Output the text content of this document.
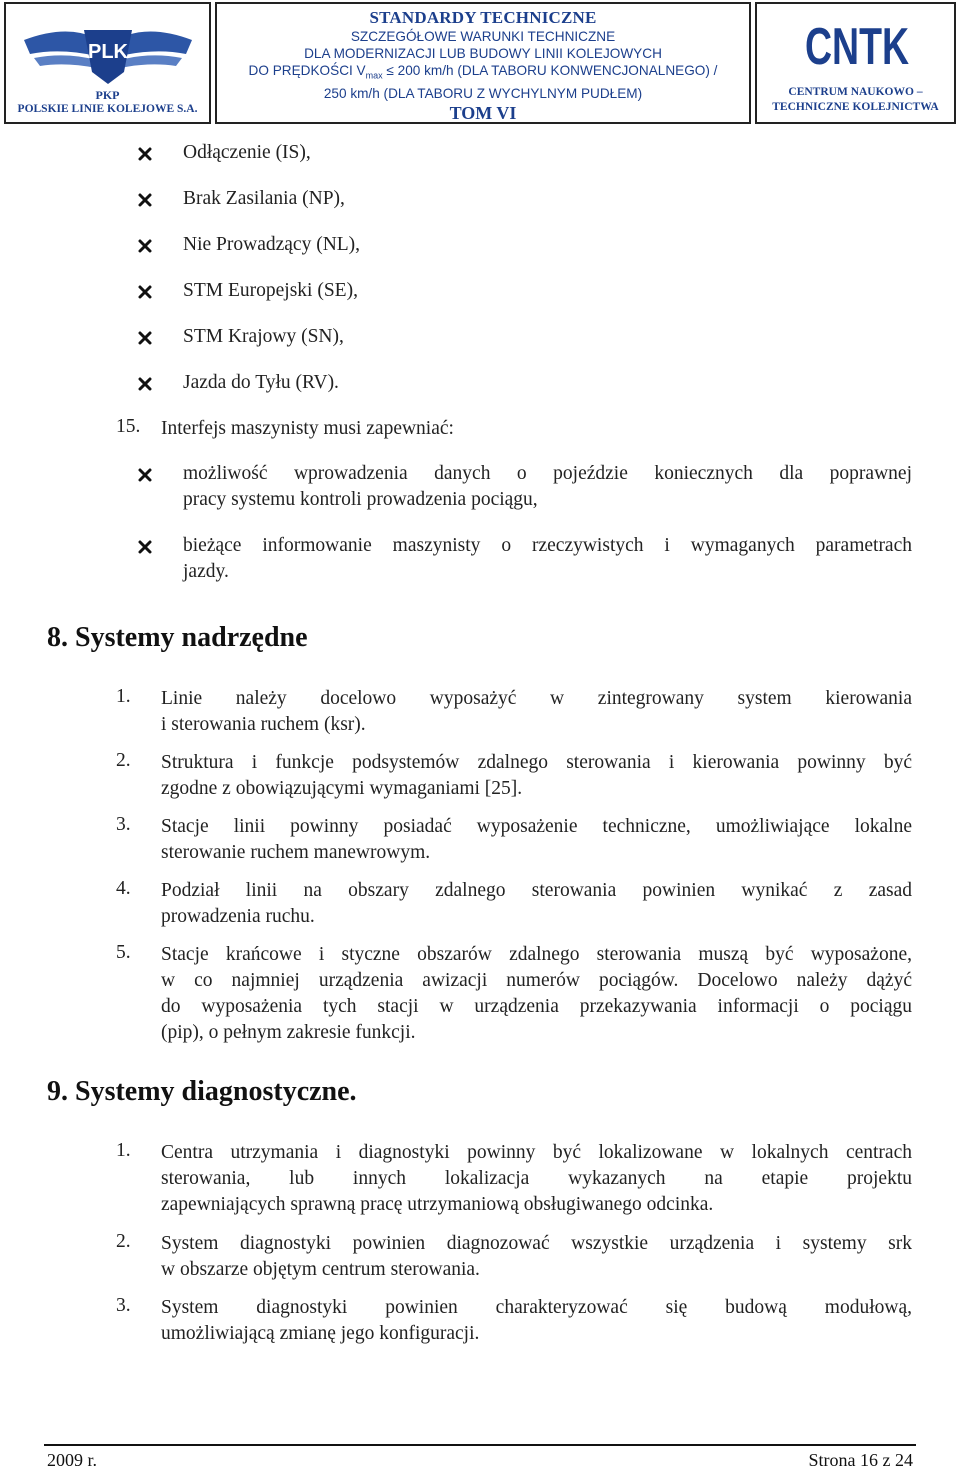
PLK
PKP
POLSKIE LINIE KOLEJOWE S.A.
STANDARDY TECHNICZNE
SZCZEGÓŁOWE WARUNKI TECHNICZNE
DLA MODERNIZACJI LUB BUDOWY LINII KOLEJOWYCH
DO PRĘDKOŚCI $V_{max} \le 200$ km/h (DLA TABORU KONWENCJONALNEGO) /
250 km/h (DLA TABORU Z WYCHYLNYM PUDŁEM)
TOM VI
CNTK
CENTRUM NAUKOWO –
TECHNICZNE KOLEJNICTWA
Odłączenie (IS),
Brak Zasilania (NP),
Nie Prowadzący (NL),
STM Europejski (SE),
STM Krajowy (SN),
Jazda do Tyłu (RV).
15. Interfejs maszynisty musi zapewniać:
możliwość wprowadzenia danych o pojeździe koniecznych dla poprawnej
pracy systemu kontroli prowadzenia pociągu,
bieżące informowanie maszynisty o rzeczywistych i wymaganych parametrach
jazdy.
8. Systemy nadrzędne
1. Linie należy docelowo wyposażyć w zintegrowany system kierowania
i sterowania ruchem (ksr).
2. Struktura i funkcje podsystemów zdalnego sterowania i kierowania powinny być
zgodne z obowiązującymi wymaganiami [25].
3. Stacje linii powinny posiadać wyposażenie techniczne, umożliwiające lokalne
sterowanie ruchem manewrowym.
4. Podział linii na obszary zdalnego sterowania powinien wynikać z zasad
prowadzenia ruchu.
5. Stacje krańcowe i styczne obszarów zdalnego sterowania muszą być wyposażone,
w co najmniej urządzenia awizacji numerów pociągów. Docelowo należy dążyć
do wyposażenia tych stacji w urządzenia przekazywania informacji o pociągu
(pip), o pełnym zakresie funkcji.
9. Systemy diagnostyczne.
1. Centra utrzymania i diagnostyki powinny być lokalizowane w lokalnych centrach
sterowania, lub innych lokalizacja wykazanych na etapie projektu
zapewniających sprawną pracę utrzymaniową obsługiwanego odcinka.
2. System diagnostyki powinien diagnozować wszystkie urządzenia i systemy srk
w obszarze objętym centrum sterowania.
3. System diagnostyki powinien charakteryzować się budową modułową,
umożliwiającą zmianę jego konfiguracji.
2009 r.	Strona 16 z 24
